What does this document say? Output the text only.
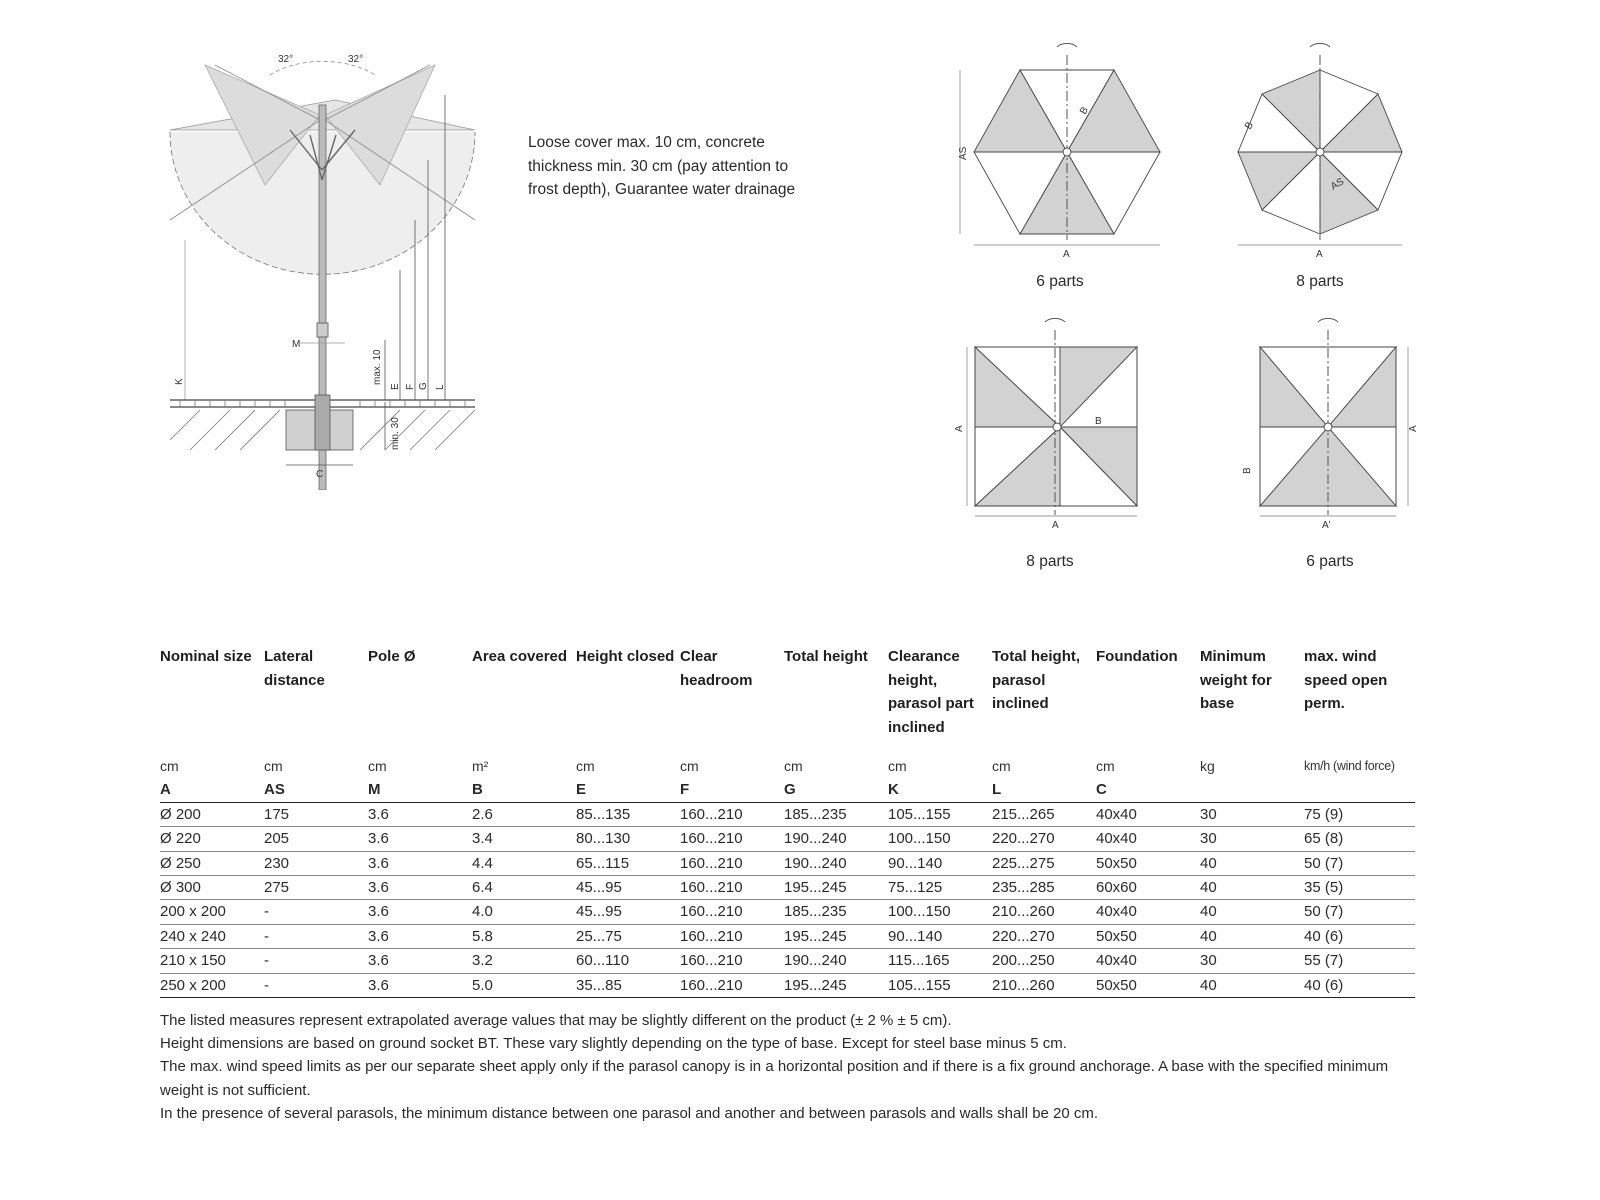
32°	32°
M
K	max. 10
E F G L
min. 30
C
Loose cover max. 10 cm, concrete thickness min. 30 cm (pay attention to frost depth), Guarantee water drainage
AS
B
A
6 parts
B
AS
A
8 parts
A
B
A
8 parts
B
A
A'
6 parts
Nominal size	Lateral distance	Pole Ø	Area covered	Height closed	Clear headroom	Total height	Clearance height, parasol part inclined	Total height, parasol inclined	Foundation	Minimum weight for base	max. wind speed open perm.
cm	cm	cm	m²	cm	cm	cm	cm	cm	cm	kg	km/h (wind force)
A	AS	M	B	E	F	G	K	L	C		
Ø 200	175	3.6	2.6	85...135	160...210	185...235	105...155	215...265	40x40	30	75 (9)
Ø 220	205	3.6	3.4	80...130	160...210	190...240	100...150	220...270	40x40	30	65 (8)
Ø 250	230	3.6	4.4	65...115	160...210	190...240	90...140	225...275	50x50	40	50 (7)
Ø 300	275	3.6	6.4	45...95	160...210	195...245	75...125	235...285	60x60	40	35 (5)
200 x 200	-	3.6	4.0	45...95	160...210	185...235	100...150	210...260	40x40	40	50 (7)
240 x 240	-	3.6	5.8	25...75	160...210	195...245	90...140	220...270	50x50	40	40 (6)
210 x 150	-	3.6	3.2	60...110	160...210	190...240	115...165	200...250	40x40	30	55 (7)
250 x 200	-	3.6	5.0	35...85	160...210	195...245	105...155	210...260	50x50	40	40 (6)

The listed measures represent extrapolated average values that may be slightly different on the product (± 2 % ± 5 cm).

Height dimensions are based on ground socket BT. These vary slightly depending on the type of base. Except for steel base minus 5 cm.

The max. wind speed limits as per our separate sheet apply only if the parasol canopy is in a horizontal position and if there is a fix ground anchorage. A base with the specified minimum weight is not sufficient.

In the presence of several parasols, the minimum distance between one parasol and another and between parasols and walls shall be 20 cm.
